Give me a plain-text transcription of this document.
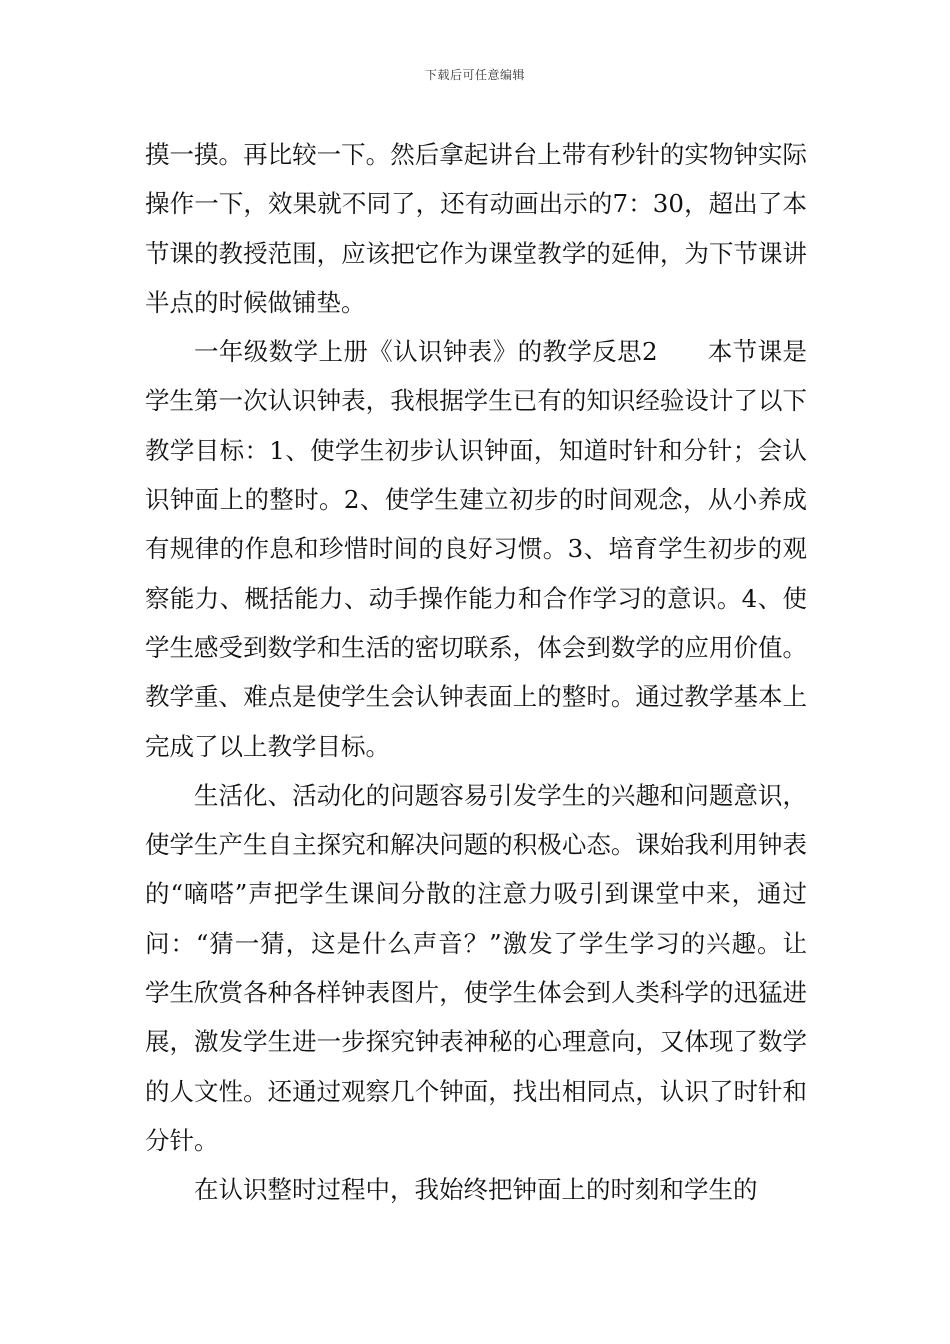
下载后可任意编辑

摸一摸。再比较一下。然后拿起讲台上带有秒针的实物钟实际操作一下，效果就不同了，还有动画出示的7：30，超出了本节课的教授范围，应该把它作为课堂教学的延伸，为下节课讲半点的时候做铺垫。

一年级数学上册《认识钟表》的教学反思2　　本节课是学生第一次认识钟表，我根据学生已有的知识经验设计了以下教学目标：1、使学生初步认识钟面，知道时针和分针；会认识钟面上的整时。2、使学生建立初步的时间观念，从小养成有规律的作息和珍惜时间的良好习惯。3、培育学生初步的观察能力、概括能力、动手操作能力和合作学习的意识。4、使学生感受到数学和生活的密切联系，体会到数学的应用价值。教学重、难点是使学生会认钟表面上的整时。通过教学基本上完成了以上教学目标。

生活化、活动化的问题容易引发学生的兴趣和问题意识，使学生产生自主探究和解决问题的积极心态。课始我利用钟表的“嘀嗒”声把学生课间分散的注意力吸引到课堂中来，通过问：“猜一猜，这是什么声音？”激发了学生学习的兴趣。让学生欣赏各种各样钟表图片，使学生体会到人类科学的迅猛进展，激发学生进一步探究钟表神秘的心理意向，又体现了数学的人文性。还通过观察几个钟面，找出相同点，认识了时针和分针。

在认识整时过程中，我始终把钟面上的时刻和学生的
